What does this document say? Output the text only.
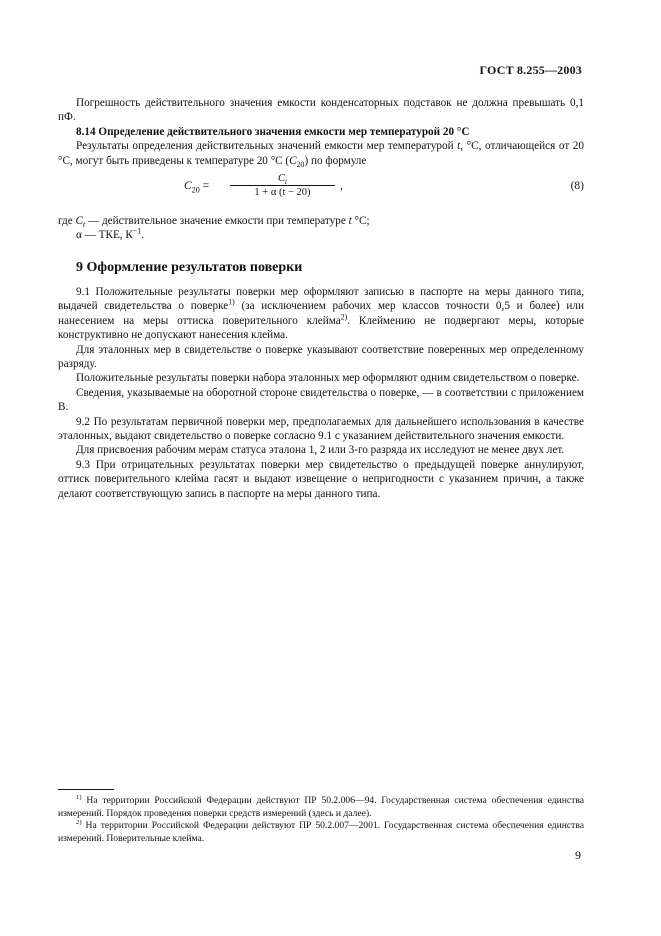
ГОСТ 8.255—2003

Погрешность действительного значения емкости конденсаторных подставок не должна превышать 0,1 пФ.

8.14 Определение действительного значения емкости мер температурой 20 °С

Результаты определения действительных значений емкости мер температурой t, °С, отличающейся от 20 °С, могут быть приведены к температуре 20 °С $(C_{20})$ по формуле

$C_{20} = \frac{C_t}{1 + \alpha (t - 20)}$ ,	(8)

где $C_t$ — действительное значение емкости при температуре t °С;

α — ТКЕ, $К^{-1}$.

9 Оформление результатов поверки

9.1 Положительные результаты поверки мер оформляют записью в паспорте на меры данного типа, выдачей свидетельства о поверке$^{1)}$ (за исключением рабочих мер классов точности 0,5 и более) или нанесением на меры оттиска поверительного клейма$^{2)}$. Клеймению не подвергают меры, которые конструктивно не допускают нанесения клейма.

Для эталонных мер в свидетельстве о поверке указывают соответствие поверенных мер определенному разряду.

Положительные результаты поверки набора эталонных мер оформляют одним свидетельством о поверке.

Сведения, указываемые на оборотной стороне свидетельства о поверке, — в соответствии с приложением В.

9.2 По результатам первичной поверки мер, предполагаемых для дальнейшего использования в качестве эталонных, выдают свидетельство о поверке согласно 9.1 с указанием действительного значения емкости.

Для присвоения рабочим мерам статуса эталона 1, 2 или 3-го разряда их исследуют не менее двух лет.

9.3 При отрицательных результатах поверки мер свидетельство о предыдущей поверке аннулируют, оттиск поверительного клейма гасят и выдают извещение о непригодности с указанием причин, а также делают соответствующую запись в паспорте на меры данного типа.

$^{1)}$ На территории Российской Федерации действуют ПР 50.2.006—94. Государственная система обеспечения единства измерений. Порядок проведения поверки средств измерений (здесь и далее).

$^{2)}$ На территории Российской Федерации действуют ПР 50.2.007—2001. Государственная система обеспечения единства измерений. Поверительные клейма.

9
